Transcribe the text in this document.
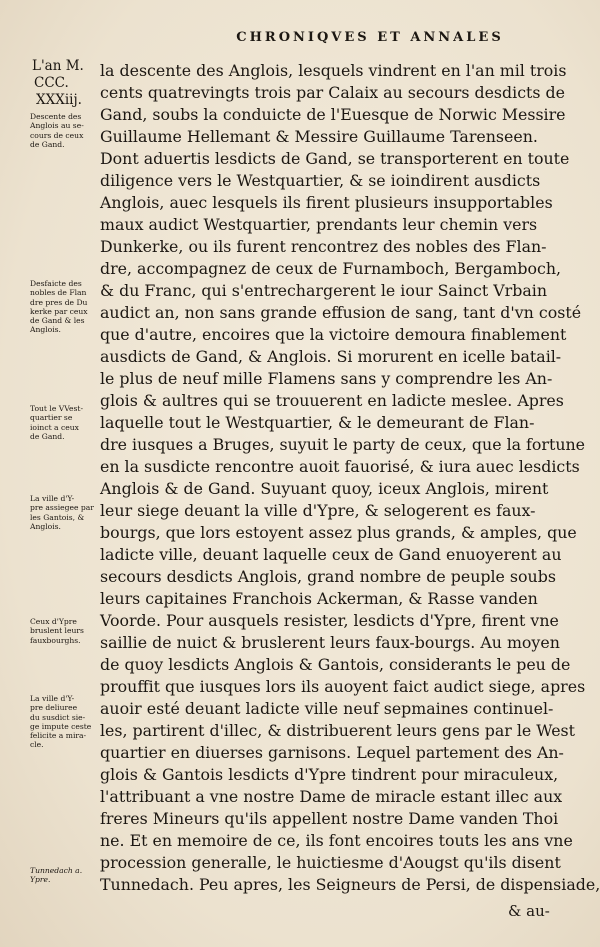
CHRONIQVES ET ANNALES
L'an M.
CCC.
XXXiij.
Descente des
Anglois au se-
cours de ceux
de Gand.
Desfaicte des
nobles de Flan
dre pres de Du
kerke par ceux
de Gand & les
Anglois.
Tout le VVest-
quartier se
ioinct a ceux
de Gand.
La ville d'Y-
pre assiegee par
les Gantois, &
Anglois.
Ceux d'Ypre
bruslent leurs
fauxbourghs.
La ville d'Y-
pre deliuree
du susdict sie-
ge impute ceste
felicite a mira-
cle.
Tunnedach a.
Ypre.
la descente des Anglois, lesquels vindrent en l'an mil trois
cents quatrevingts trois par Calaix au secours desdicts de
Gand, soubs la conduicte de l'Euesque de Norwic Messire
Guillaume Hellemant & Messire Guillaume Tarenseen.
Dont aduertis lesdicts de Gand, se transporterent en toute
diligence vers le Westquartier, & se ioindirent ausdicts
Anglois, auec lesquels ils firent plusieurs insupportables
maux audict Westquartier, prendants leur chemin vers
Dunkerke, ou ils furent rencontrez des nobles des Flan-
dre, accompagnez de ceux de Furnamboch, Bergamboch,
& du Franc, qui s'entrechargerent le iour Sainct Vrbain
audict an, non sans grande effusion de sang, tant d'vn costé
que d'autre, encoires que la victoire demoura finablement
ausdicts de Gand, & Anglois. Si morurent en icelle batail-
le plus de neuf mille Flamens sans y comprendre les An-
glois & aultres qui se trouuerent en ladicte meslee. Apres
laquelle tout le Westquartier, & le demeurant de Flan-
dre iusques a Bruges, suyuit le party de ceux, que la fortune
en la susdicte rencontre auoit fauorisé, & iura auec lesdicts
Anglois & de Gand. Suyuant quoy, iceux Anglois, mirent
leur siege deuant la ville d'Ypre, & selogerent es faux-
bourgs, que lors estoyent assez plus grands, & amples, que
ladicte ville, deuant laquelle ceux de Gand enuoyerent au
secours desdicts Anglois, grand nombre de peuple soubs
leurs capitaines Franchois Ackerman, & Rasse vanden
Voorde. Pour ausquels resister, lesdicts d'Ypre, firent vne
saillie de nuict & bruslerent leurs faux-bourgs. Au moyen
de quoy lesdicts Anglois & Gantois, considerants le peu de
prouffit que iusques lors ils auoyent faict audict siege, apres
auoir esté deuant ladicte ville neuf sepmaines continuel-
les, partirent d'illec, & distribuerent leurs gens par le West
quartier en diuerses garnisons. Lequel partement des An-
glois & Gantois lesdicts d'Ypre tindrent pour miraculeux,
l'attribuant a vne nostre Dame de miracle estant illec aux
freres Mineurs qu'ils appellent nostre Dame vanden Thoi
ne. Et en memoire de ce, ils font encoires touts les ans vne
procession generalle, le huictiesme d'Aougst qu'ils disent
Tunnedach. Peu apres, les Seigneurs de Persi, de dispensiade,
& au-
